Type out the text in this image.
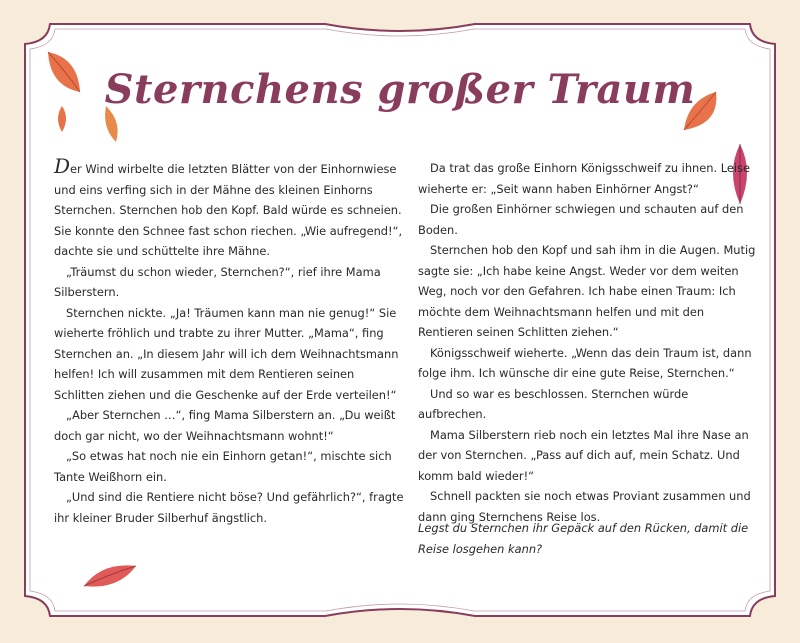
Sternchens großer Traum

Der Wind wirbelte die letzten Blätter von der Einhornwiese und eins verfing sich in der Mähne des kleinen Einhorns Sternchen. Sternchen hob den Kopf. Bald würde es schneien. Sie konnte den Schnee fast schon riechen. „Wie aufregend!“, dachte sie und schüttelte ihre Mähne.

„Träumst du schon wieder, Sternchen?“, rief ihre Mama Silberstern.

Sternchen nickte. „Ja! Träumen kann man nie genug!“ Sie wieherte fröhlich und trabte zu ihrer Mutter. „Mama“, fing Sternchen an. „In diesem Jahr will ich dem Weihnachtsmann helfen! Ich will zusammen mit dem Rentieren seinen Schlitten ziehen und die Geschenke auf der Erde verteilen!“

„Aber Sternchen …“, fing Mama Silberstern an. „Du weißt doch gar nicht, wo der Weihnachtsmann wohnt!“

„So etwas hat noch nie ein Einhorn getan!“, mischte sich Tante Weißhorn ein.

„Und sind die Rentiere nicht böse? Und gefährlich?“, fragte ihr kleiner Bruder Silberhuf ängstlich.

Da trat das große Einhorn Königsschweif zu ihnen. Leise wieherte er: „Seit wann haben Einhörner Angst?“

Die großen Einhörner schwiegen und schauten auf den Boden.

Sternchen hob den Kopf und sah ihm in die Augen. Mutig sagte sie: „Ich habe keine Angst. Weder vor dem weiten Weg, noch vor den Gefahren. Ich habe einen Traum: Ich möchte dem Weihnachtsmann helfen und mit den Rentieren seinen Schlitten ziehen.“

Königsschweif wieherte. „Wenn das dein Traum ist, dann folge ihm. Ich wünsche dir eine gute Reise, Sternchen.“

Und so war es beschlossen. Sternchen würde aufbrechen.

Mama Silberstern rieb noch ein letztes Mal ihre Nase an der von Sternchen. „Pass auf dich auf, mein Schatz. Und komm bald wieder!“

Schnell packten sie noch etwas Proviant zusammen und dann ging Sternchens Reise los.

Legst du Sternchen ihr Gepäck auf den Rücken, damit die Reise losgehen kann?
